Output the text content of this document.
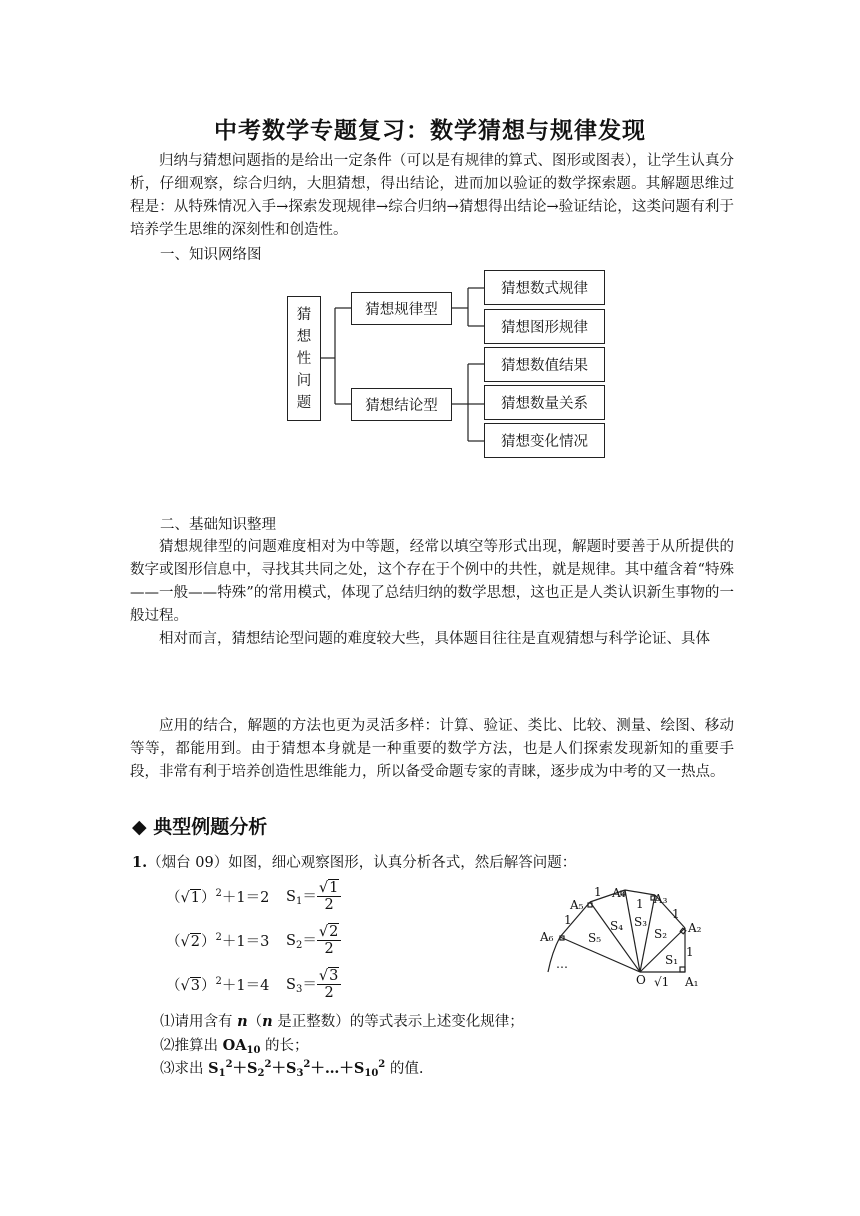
中考数学专题复习：数学猜想与规律发现
归纳与猜想问题指的是给出一定条件（可以是有规律的算式、图形或图表），让学生认真分析，仔细观察，综合归纳，大胆猜想，得出结论，进而加以验证的数学探索题。其解题思维过程是：从特殊情况入手→探索发现规律→综合归纳→猜想得出结论→验证结论，这类问题有利于培养学生思维的深刻性和创造性。
一、知识网络图
猜
想
性
问
题
猜想规律型
猜想结论型
猜想数式规律
猜想图形规律
猜想数值结果
猜想数量关系
猜想变化情况
二、基础知识整理
猜想规律型的问题难度相对为中等题，经常以填空等形式出现，解题时要善于从所提供的数字或图形信息中，寻找其共同之处，这个存在于个例中的共性，就是规律。其中蕴含着“特殊——一般——特殊”的常用模式，体现了总结归纳的数学思想，这也正是人类认识新生事物的一般过程。
相对而言，猜想结论型问题的难度较大些，具体题目往往是直观猜想与科学论证、具体
应用的结合，解题的方法也更为灵活多样：计算、验证、类比、比较、测量、绘图、移动等等，都能用到。由于猜想本身就是一种重要的数学方法，也是人们探索发现新知的重要手段，非常有利于培养创造性思维能力，所以备受命题专家的青睐，逐步成为中考的又一热点。
◆ 典型例题分析
1.（烟台 09）如图，细心观察图形，认真分析各式，然后解答问题：
$(√1)^2+1=2$	$S_1= \frac{√1}{2}$
$(√2)^2+1=3$	$S_2= \frac{√2}{2}$
$(√3)^2+1=4$	$S_3= \frac{√3}{2}$
⑴请用含有 n（n 是正整数）的等式表示上述变化规律；
⑵推算出 $OA_{10}$ 的长；
⑶求出 $S_1^2+S_2^2+S_3^2+\dots+S_{10}^2$ 的值.
A₁
A₂
A₃
A₄
A₅
A₆
O √1
1
1
1
1
1
S₁
S₂
S₃
S₄
S₅
…
